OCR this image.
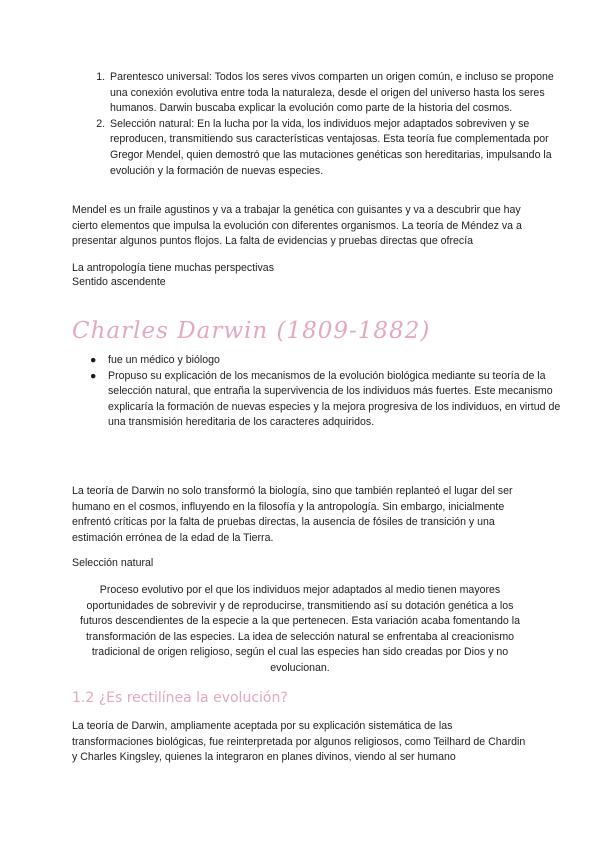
1. Parentesco universal: Todos los seres vivos comparten un origen común, e incluso se propone una conexión evolutiva entre toda la naturaleza, desde el origen del universo hasta los seres humanos. Darwin buscaba explicar la evolución como parte de la historia del cosmos.
2. Selección natural: En la lucha por la vida, los individuos mejor adaptados sobreviven y se reproducen, transmitiendo sus características ventajosas. Esta teoría fue complementada por Gregor Mendel, quien demostró que las mutaciones genéticas son hereditarias, impulsando la evolución y la formación de nuevas especies.
Mendel es un fraile agustinos y va a trabajar la genética con guisantes y va a descubrir que hay cierto elementos que impulsa la evolución con diferentes organismos. La teoría de Méndez va a presentar algunos puntos flojos. La falta de evidencias y pruebas directas que ofrecía
La antropología tiene muchas perspectivas
Sentido ascendente
Charles Darwin (1809-1882)
● fue un médico y biólogo
● Propuso su explicación de los mecanismos de la evolución biológica mediante su teoría de la selección natural, que entraña la supervivencia de los individuos más fuertes. Este mecanismo explicaría la formación de nuevas especies y la mejora progresiva de los individuos, en virtud de una transmisión hereditaria de los caracteres adquiridos.
La teoría de Darwin no solo transformó la biología, sino que también replanteó el lugar del ser humano en el cosmos, influyendo en la filosofía y la antropología. Sin embargo, inicialmente enfrentó críticas por la falta de pruebas directas, la ausencia de fósiles de transición y una estimación errónea de la edad de la Tierra.
Selección natural
Proceso evolutivo por el que los individuos mejor adaptados al medio tienen mayores oportunidades de sobrevivir y de reproducirse, transmitiendo así su dotación genética a los futuros descendientes de la especie a la que pertenecen. Esta variación acaba fomentando la transformación de las especies. La idea de selección natural se enfrentaba al creacionismo tradicional de origen religioso, según el cual las especies han sido creadas por Dios y no evolucionan.
1.2 ¿Es rectilínea la evolución?
La teoría de Darwin, ampliamente aceptada por su explicación sistemática de las transformaciones biológicas, fue reinterpretada por algunos religiosos, como Teilhard de Chardin y Charles Kingsley, quienes la integraron en planes divinos, viendo al ser humano
